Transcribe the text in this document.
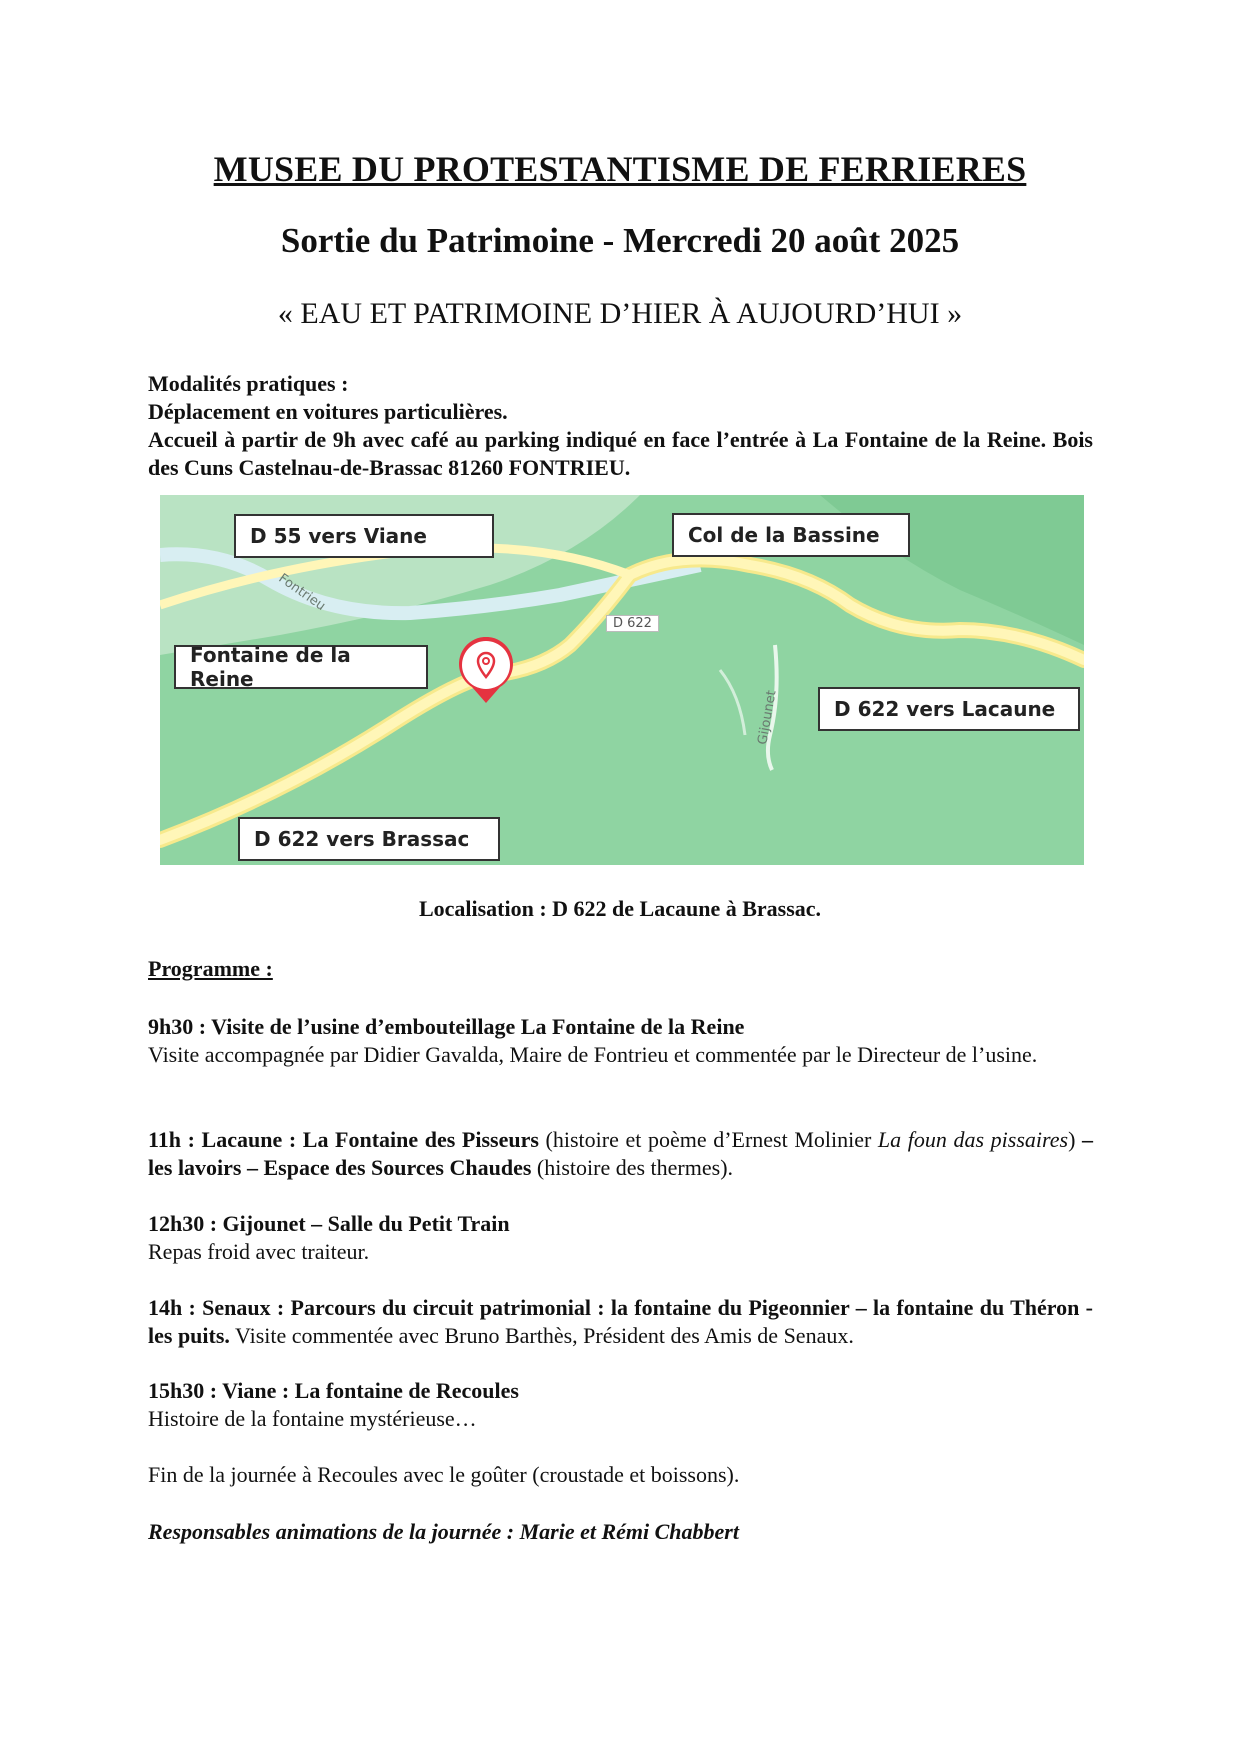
MUSEE DU PROTESTANTISME DE FERRIERES
Sortie du Patrimoine - Mercredi 20 août 2025
« EAU ET PATRIMOINE D’HIER À AUJOURD’HUI »
Modalités pratiques :
Déplacement en voitures particulières.
Accueil à partir de 9h avec café au parking indiqué en face l’entrée à La Fontaine de la Reine. Bois des Cuns Castelnau-de-Brassac 81260 FONTRIEU.
D 622
Fontrieu
Gijounet
D 55 vers Viane	Col de la Bassine
Fontaine de la Reine
D 622 vers Lacaune
D 622 vers Brassac
Localisation : D 622 de Lacaune à Brassac.
Programme :
9h30 : Visite de l’usine d’embouteillage La Fontaine de la Reine
Visite accompagnée par Didier Gavalda, Maire de Fontrieu et commentée par le Directeur de l’usine.
11h : Lacaune : La Fontaine des Pisseurs (histoire et poème d’Ernest Molinier La foun das pissaires) – les lavoirs – Espace des Sources Chaudes (histoire des thermes).
12h30 : Gijounet – Salle du Petit Train
Repas froid avec traiteur.
14h : Senaux : Parcours du circuit patrimonial : la fontaine du Pigeonnier – la fontaine du Théron - les puits. Visite commentée avec Bruno Barthès, Président des Amis de Senaux.
15h30 : Viane : La fontaine de Recoules
Histoire de la fontaine mystérieuse…
Fin de la journée à Recoules avec le goûter (croustade et boissons).
Responsables animations de la journée : Marie et Rémi Chabbert
